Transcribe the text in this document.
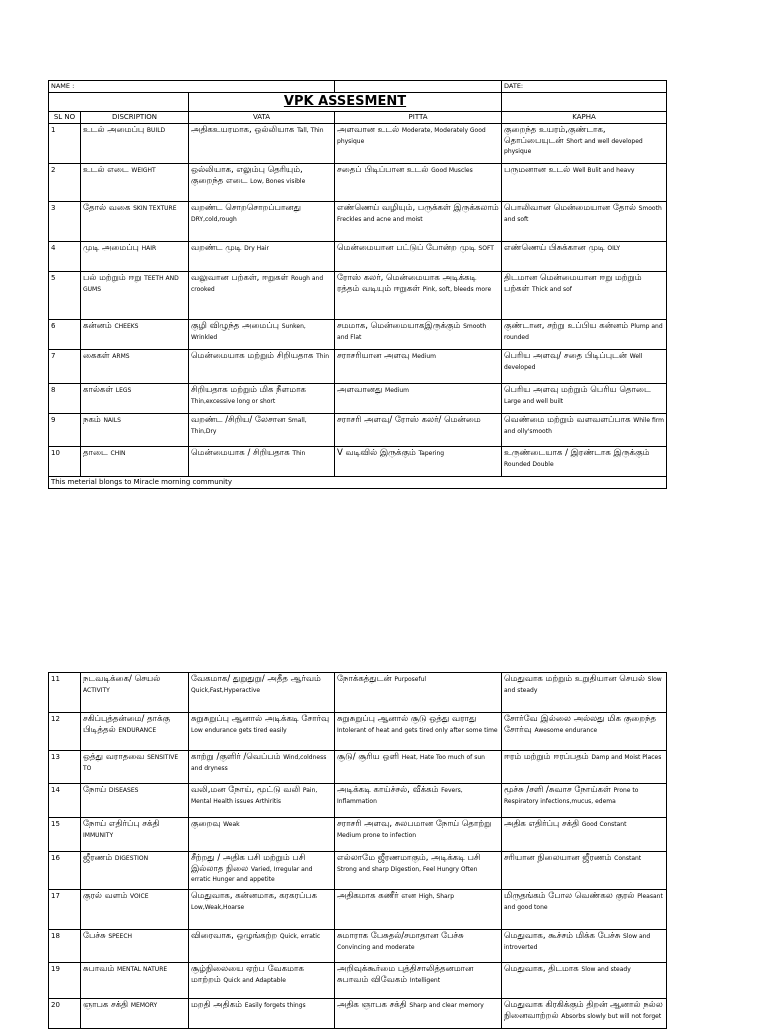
NAME :				DATE:
		VPK ASSESMENT		
SL NO	DISCRIPTION	VATA	PITTA	KAPHA
1	உடல் அமைப்பு BUILD	அதிகஉயரமாக, ஒல்லியாக Tall, Thin	அளவான உடல் Moderate, Moderately Good physique	குறைந்த உயரம்,குண்டாக, தொப்பையுடன் Short and well developed physique
2	உடல் எடை WEIGHT	ஒல்லியாக, எலும்பு தெரியும், குறைந்த எடை Low, Bones visible	சதைப் பிடிப்பான உடல் Good Muscles	பருமனான உடல் Well Bulit and heavy
3	தோல் வகை SKIN TEXTURE	வறண்ட சொறசொறப்பானது DRY,cold,rough	எண்ணெய் வழியும், பருக்கள் இருக்கலாம் Freckles and acne and moist	பொலிவான மென்மையான தோல் Smooth and soft
4	முடி அமைப்பு HAIR	வறண்ட முடி Dry Hair	மென்மையான பட்டுப் போன்ற முடி SOFT	எண்ணெய் பிசுக்கான முடி OILY
5	பல் மற்றும் ஈறு TEETH AND GUMS	வலுவான பற்கள், ஈறுகள் Rough and crooked	ரோஸ் கலர், மென்மையாக அடிக்கடி ரத்தம் வடியும் ஈறுகள் Pink, soft, bleeds more	திடமான மென்மையான ஈறு மற்றும் பற்கள் Thick and sof
6	கன்னம் CHEEKS	குழி விழுந்த அமைப்பு Sunken, Wrinkled	சமமாக, மென்மையாகஇருக்கும் Smooth and Flat	குண்டான, சற்று உப்பிய கன்னம் Plump and rounded
7	கைகள் ARMS	மென்மையாக மற்றும் சிறியதாக Thin	சராசரியான அளவு Medium	பெரிய அளவு/ சதை பிடிப்புடன் Well developed
8	கால்கள் LEGS	சிறியதாக மற்றும் மிக நீளமாக Thin,excessive long or short	அளவானது Medium	பெரிய அளவு மற்றும் பெரிய தொடை Large and well built
9	நகம் NAILS	வறண்ட /சிறிய/ லேசான Small, Thin,Dry	சராசரி அளவு/ ரோஸ் கலர்/ மென்மை	வெண்மை மற்றும் வளவளப்பாக While firm and olly'smooth
10	தாடை CHIN	மென்மையாக / சிறியதாக Thin	V வடிவில் இருக்கும் Tapering	உருண்டையாக / இரண்டாக இருக்கும் Rounded Double
This meterial blongs to Miracle morning community				
11	நடவடிக்கை/ செயல் ACTIVITY	வேகமாக/ துறுதுறு/ அதீத ஆர்வம் Quick,Fast,Hyperactive	நோக்கத்துடன் Purposeful	மெதுவாக மற்றும் உறுதியான செயல் Slow and steady
12	சகிப்புத்தன்மை/ தாக்கு பிடித்தல் ENDURANCE	சுறுசுறுப்பு ஆனால் அடிக்கடி சோர்வு Low endurance gets tired easily	சுறுசுறுப்பு ஆனால் சூடு ஒத்து வராது Intolerant of heat and gets tired only after some time	சோர்வே இல்லை அல்லது மிக குறைந்த சோர்வு Awesome endurance
13	ஒத்து வராதவை SENSITIVE TO	காற்று /குளிர் /வெப்பம் Wind,coldness and dryness	சூடு/ சூரிய ஒளி Heat, Hate Too much of sun	ஈரம் மற்றும் ஈரப்பதம் Damp and Moist Places
14	நோய் DISEASES	வலி,மன நோய், மூட்டு வலி Pain, Mental Health issues Arthiritis	அடிக்கடி காய்ச்சல், வீக்கம் Fevers, Inflammation	மூச்சு /சளி /சுவாச நோய்கள் Prone to Respiratory infections,mucus, edema
15	நோய் எதிர்ப்பு சக்தி IMMUNITY	குறைவு Weak	சராசரி அளவு, சுலபமான நோய் தொற்று Medium prone to infection	அதிக எதிர்ப்பு சக்தி Good Constant
16	ஜீரணம் DIGESTION	சீற்றது / அதிக பசி மற்றும் பசி இல்லாத நிலை Varied, Irregular and erratic Hunger and appetite	எல்லாமே ஜீரணமாகும், அடிக்கடி பசி Strong and sharp Digestion, Feel Hungry Often	சரியான நிலையான ஜீரணம் Constant
17	குரல் வளம் VOICE	மெதுவாக, கன்னமாக, கரகரப்பக Low,Weak,Hoarse	அதிகமாக கணீர் என High, Sharp	மிருதங்கம் போல வெண்கல குரல் Pleasant and good tone
18	பேச்சு SPEECH	விரைவாக, ஒழுங்கற்ற Quick, erratic	சுமாராக பேசுதல்/சமாதான பேச்சு Convincing and moderate	மெதுவாக, கூச்சம் மிக்க பேச்சு Slow and introverted
19	சுபாவம் MENTAL NATURE	சூழ்நிலையை ஏற்ப வேகமாக மாற்றம் Quick and Adaptable	அறிவுக்கூர்மை புத்திசாலித்தனமான சுபாவம் விவேகம் Intelligent	மெதுவாக, திடமாக Slow and steady
20	ஞாபக சக்தி MEMORY	மறதி அதிகம் Easily forgets things	அதிக ஞாபக சக்தி Sharp and clear memory	மெதுவாக கிரகிக்கும் திறன் ஆனால் நல்ல நினைவாற்றல் Absorbs slowly but will not forget
